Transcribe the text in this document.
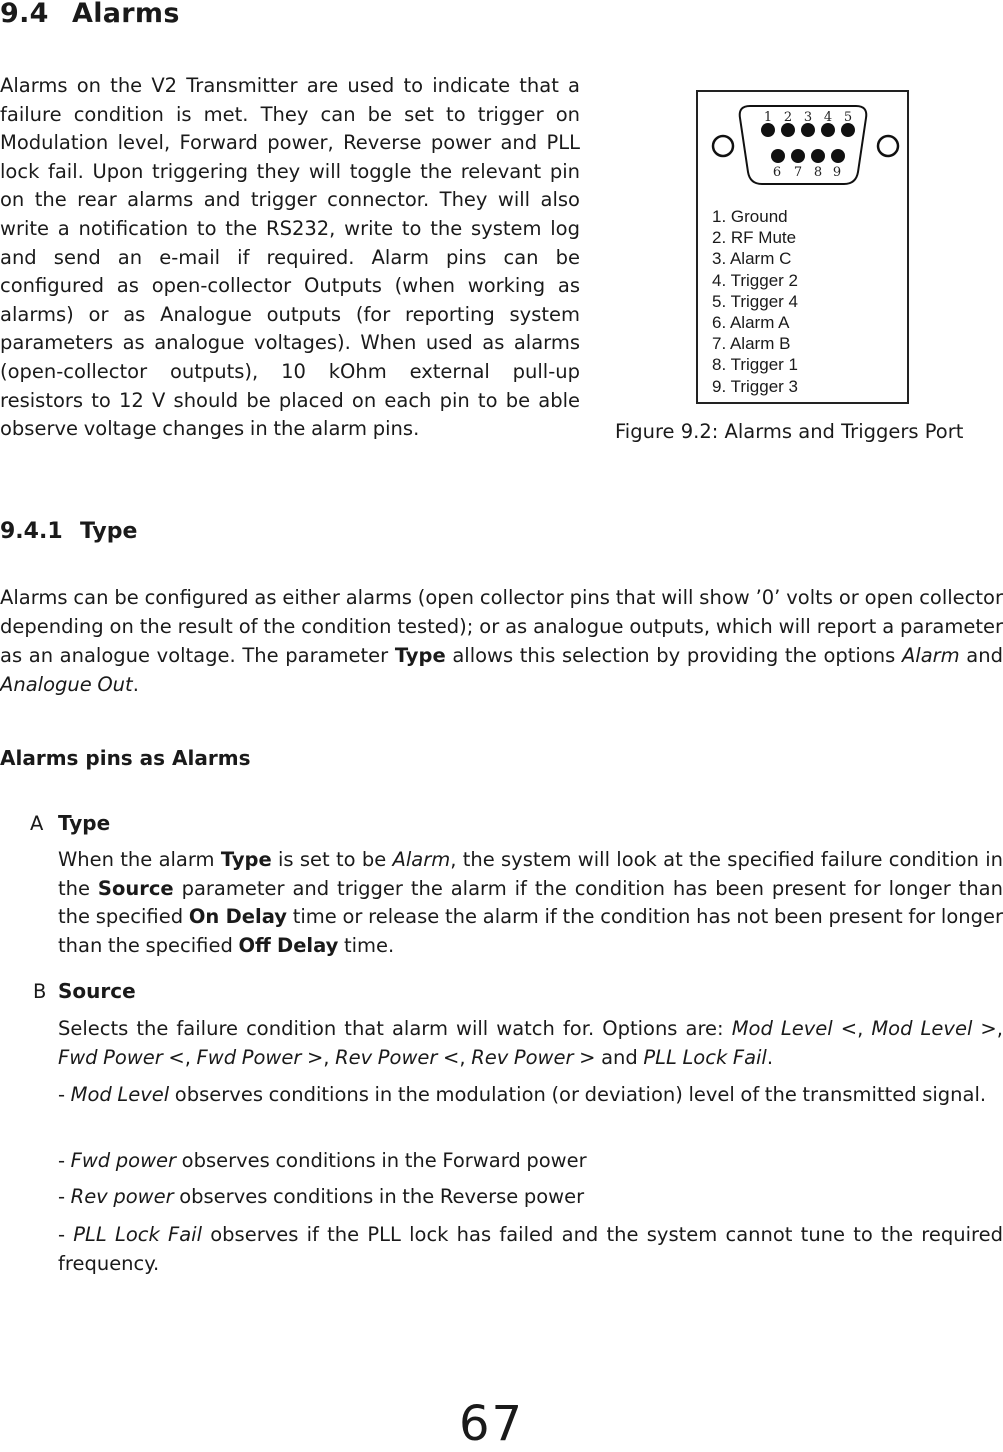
9.4 Alarms
Alarms on the V2 Transmitter are used to indicate that a failure condition is met. They can be set to trigger on Modulation level, Forward power, Reverse power and PLL lock fail. Upon triggering they will toggle the relevant pin on the rear alarms and trigger connector. They will also write a notification to the RS232, write to the system log and send an e-mail if required. Alarm pins can be configured as open-collector Outputs (when working as alarms) or as Analogue outputs (for reporting system parameters as analogue voltages). When used as alarms (open-collector outputs), 10 kOhm external pull-up resistors to 12 V should be placed on each pin to be able observe voltage changes in the alarm pins.
1 2 3 4 5
6 7 8 9
1. Ground
2. RF Mute
3. Alarm C
4. Trigger 2
5. Trigger 4
6. Alarm A
7. Alarm B
8. Trigger 1
9. Trigger 3
Figure 9.2: Alarms and Triggers Port
9.4.1 Type
Alarms can be configured as either alarms (open collector pins that will show ’0’ volts or open collector depending on the result of the condition tested); or as analogue outputs, which will report a parameter as an analogue voltage. The parameter Type allows this selection by providing the options Alarm and Analogue Out.
Alarms pins as Alarms
A Type
When the alarm Type is set to be Alarm, the system will look at the specified failure condition in the Source parameter and trigger the alarm if the condition has been present for longer than the specified On Delay time or release the alarm if the condition has not been present for longer than the specified Off Delay time.
B Source
Selects the failure condition that alarm will watch for. Options are: Mod Level <, Mod Level >, Fwd Power <, Fwd Power >, Rev Power <, Rev Power > and PLL Lock Fail.
- Mod Level observes conditions in the modulation (or deviation) level of the transmitted signal.
- Fwd power observes conditions in the Forward power
- Rev power observes conditions in the Reverse power
- PLL Lock Fail observes if the PLL lock has failed and the system cannot tune to the required frequency.
67
